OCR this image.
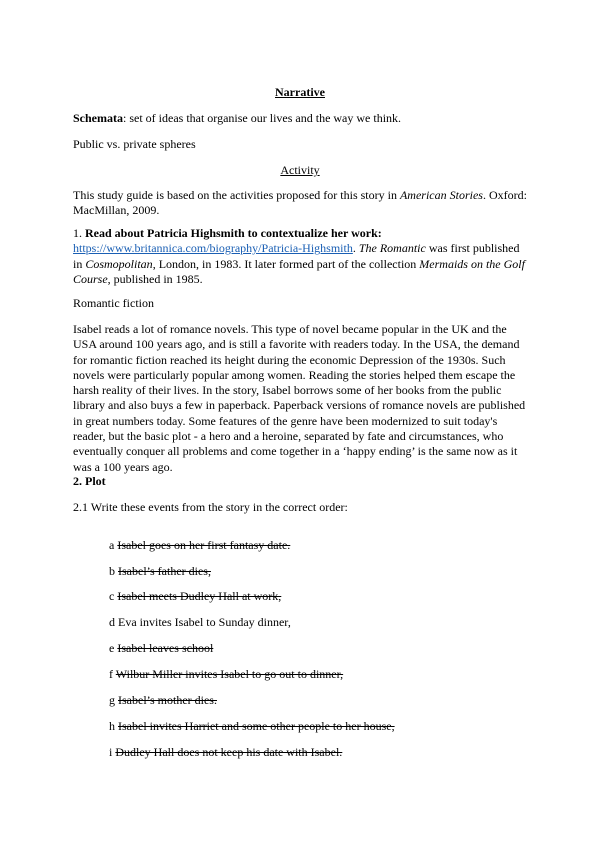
Narrative

Schemata: set of ideas that organise our lives and the way we think.

Public vs. private spheres

Activity

This study guide is based on the activities proposed for this story in American Stories. Oxford: MacMillan, 2009.

1. Read about Patricia Highsmith to contextualize her work:
https://www.britannica.com/biography/Patricia-Highsmith. The Romantic was first published in Cosmopolitan, London, in 1983. It later formed part of the collection Mermaids on the Golf Course, published in 1985.

Romantic fiction

Isabel reads a lot of romance novels. This type of novel became popular in the UK and the USA around 100 years ago, and is still a favorite with readers today. In the USA, the demand for romantic fiction reached its height during the economic Depression of the 1930s. Such novels were particularly popular among women. Reading the stories helped them escape the harsh reality of their lives. In the story, Isabel borrows some of her books from the public library and also buys a few in paperback. Paperback versions of romance novels are published in great numbers today. Some features of the genre have been modernized to suit today's reader, but the basic plot - a hero and a heroine, separated by fate and circumstances, who eventually conquer all problems and come together in a ‘happy ending’ is the same now as it was a 100 years ago.

2. Plot

2.1 Write these events from the story in the correct order:

a Isabel goes on her first fantasy date.

b Isabel’s father dies,

c Isabel meets Dudley Hall at work,

d Eva invites Isabel to Sunday dinner,

e Isabel leaves school

f Wilbur Miller invites Isabel to go out to dinner,

g Isabel’s mother dies.

h Isabel invites Harriet and some other people to her house,

i Dudley Hall does not keep his date with Isabel.
